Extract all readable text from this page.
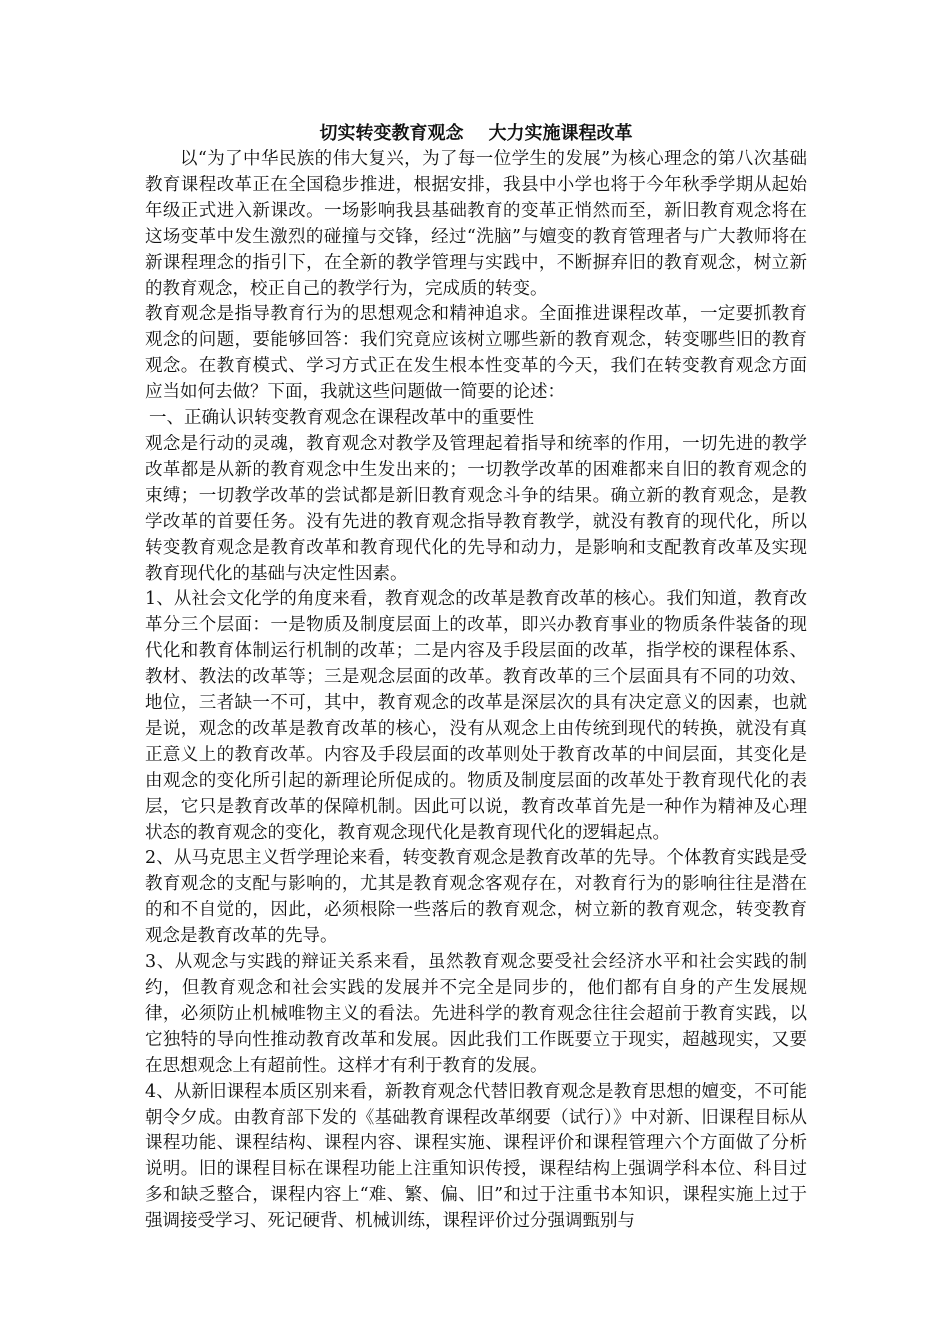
切实转变教育观念    大力实施课程改革

以“为了中华民族的伟大复兴，为了每一位学生的发展”为核心理念的第八次基础教育课程改革正在全国稳步推进，根据安排，我县中小学也将于今年秋季学期从起始年级正式进入新课改。一场影响我县基础教育的变革正悄然而至，新旧教育观念将在这场变革中发生激烈的碰撞与交锋，经过“洗脑”与嬗变的教育管理者与广大教师将在新课程理念的指引下，在全新的教学管理与实践中，不断摒弃旧的教育观念，树立新的教育观念，校正自己的教学行为，完成质的转变。

教育观念是指导教育行为的思想观念和精神追求。全面推进课程改革，一定要抓教育观念的问题，要能够回答：我们究竟应该树立哪些新的教育观念，转变哪些旧的教育观念。在教育模式、学习方式正在发生根本性变革的今天，我们在转变教育观念方面应当如何去做？下面，我就这些问题做一简要的论述：

一、正确认识转变教育观念在课程改革中的重要性

观念是行动的灵魂，教育观念对教学及管理起着指导和统率的作用，一切先进的教学改革都是从新的教育观念中生发出来的；一切教学改革的困难都来自旧的教育观念的束缚；一切教学改革的尝试都是新旧教育观念斗争的结果。确立新的教育观念，是教学改革的首要任务。没有先进的教育观念指导教育教学，就没有教育的现代化，所以转变教育观念是教育改革和教育现代化的先导和动力，是影响和支配教育改革及实现教育现代化的基础与决定性因素。

1、从社会文化学的角度来看，教育观念的改革是教育改革的核心。我们知道，教育改革分三个层面：一是物质及制度层面上的改革，即兴办教育事业的物质条件装备的现代化和教育体制运行机制的改革；二是内容及手段层面的改革，指学校的课程体系、教材、教法的改革等；三是观念层面的改革。教育改革的三个层面具有不同的功效、地位，三者缺一不可，其中，教育观念的改革是深层次的具有决定意义的因素，也就是说，观念的改革是教育改革的核心，没有从观念上由传统到现代的转换，就没有真正意义上的教育改革。内容及手段层面的改革则处于教育改革的中间层面，其变化是由观念的变化所引起的新理论所促成的。物质及制度层面的改革处于教育现代化的表层，它只是教育改革的保障机制。因此可以说，教育改革首先是一种作为精神及心理状态的教育观念的变化，教育观念现代化是教育现代化的逻辑起点。

2、从马克思主义哲学理论来看，转变教育观念是教育改革的先导。个体教育实践是受教育观念的支配与影响的，尤其是教育观念客观存在，对教育行为的影响往往是潜在的和不自觉的，因此，必须根除一些落后的教育观念，树立新的教育观念，转变教育观念是教育改革的先导。

3、从观念与实践的辩证关系来看，虽然教育观念要受社会经济水平和社会实践的制约，但教育观念和社会实践的发展并不完全是同步的，他们都有自身的产生发展规律，必须防止机械唯物主义的看法。先进科学的教育观念往往会超前于教育实践，以它独特的导向性推动教育改革和发展。因此我们工作既要立于现实，超越现实，又要在思想观念上有超前性。这样才有利于教育的发展。

4、从新旧课程本质区别来看，新教育观念代替旧教育观念是教育思想的嬗变，不可能朝令夕成。由教育部下发的《基础教育课程改革纲要（试行）》中对新、旧课程目标从课程功能、课程结构、课程内容、课程实施、课程评价和课程管理六个方面做了分析说明。旧的课程目标在课程功能上注重知识传授，课程结构上强调学科本位、科目过多和缺乏整合，课程内容上“难、繁、偏、旧”和过于注重书本知识，课程实施上过于强调接受学习、死记硬背、机械训练，课程评价过分强调甄别与
